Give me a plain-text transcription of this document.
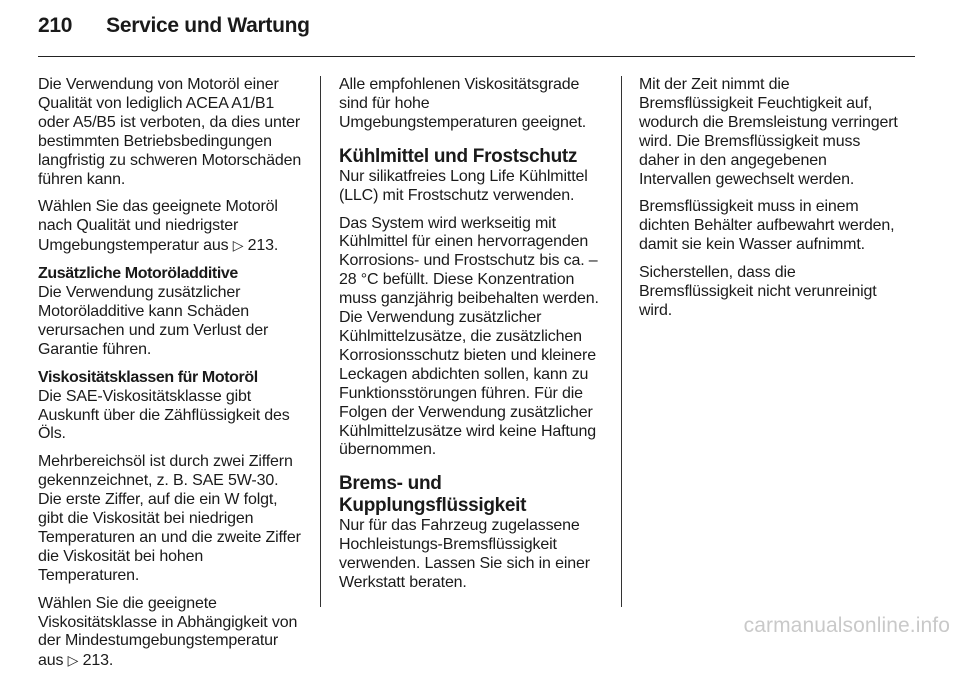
210 Service und Wartung

Die Verwendung von Motoröl einer Qualität von lediglich ACEA A1/B1 oder A5/B5 ist verboten, da dies unter bestimmten Betriebsbedingungen langfristig zu schweren Motorschäden führen kann.

Wählen Sie das geeignete Motoröl nach Qualität und niedrigster Umgebungstemperatur aus ▷ 213.

Zusätzliche Motoröladditive

Die Verwendung zusätzlicher Motoröladditive kann Schäden verursachen und zum Verlust der Garantie führen.

Viskositätsklassen für Motoröl

Die SAE-Viskositätsklasse gibt Auskunft über die Zähflüssigkeit des Öls.

Mehrbereichsöl ist durch zwei Ziffern gekennzeichnet, z. B. SAE 5W-30. Die erste Ziffer, auf die ein W folgt, gibt die Viskosität bei niedrigen Temperaturen an und die zweite Ziffer die Viskosität bei hohen Temperaturen.

Wählen Sie die geeignete Viskositätsklasse in Abhängigkeit von der Mindestumgebungstemperatur aus ▷ 213.

Alle empfohlenen Viskositätsgrade sind für hohe Umgebungstemperaturen geeignet.

Kühlmittel und Frostschutz

Nur silikatfreies Long Life Kühlmittel (LLC) mit Frostschutz verwenden.

Das System wird werkseitig mit Kühlmittel für einen hervorragenden Korrosions- und Frostschutz bis ca. –28 °C befüllt. Diese Konzentration muss ganzjährig beibehalten werden. Die Verwendung zusätzlicher Kühlmittelzusätze, die zusätzlichen Korrosionsschutz bieten und kleinere Leckagen abdichten sollen, kann zu Funktionsstörungen führen. Für die Folgen der Verwendung zusätzlicher Kühlmittelzusätze wird keine Haftung übernommen.

Brems- und
Kupplungsflüssigkeit

Nur für das Fahrzeug zugelassene Hochleistungs-Bremsflüssigkeit verwenden. Lassen Sie sich in einer Werkstatt beraten.

Mit der Zeit nimmt die Bremsflüssigkeit Feuchtigkeit auf, wodurch die Bremsleistung verringert wird. Die Bremsflüssigkeit muss daher in den angegebenen Intervallen gewechselt werden.

Bremsflüssigkeit muss in einem dichten Behälter aufbewahrt werden, damit sie kein Wasser aufnimmt.

Sicherstellen, dass die Bremsflüssigkeit nicht verunreinigt wird.

carmanualsonline.info
